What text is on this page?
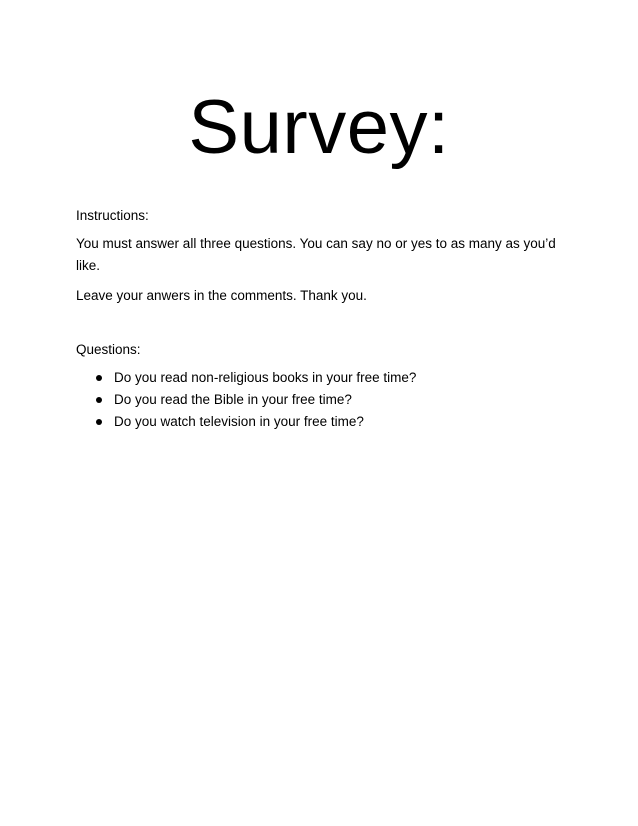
Survey:

Instructions:

You must answer all three questions. You can say no or yes to as many as you’d like.

Leave your anwers in the comments. Thank you.

Questions:

Do you read non-religious books in your free time?
Do you read the Bible in your free time?
Do you watch television in your free time?
